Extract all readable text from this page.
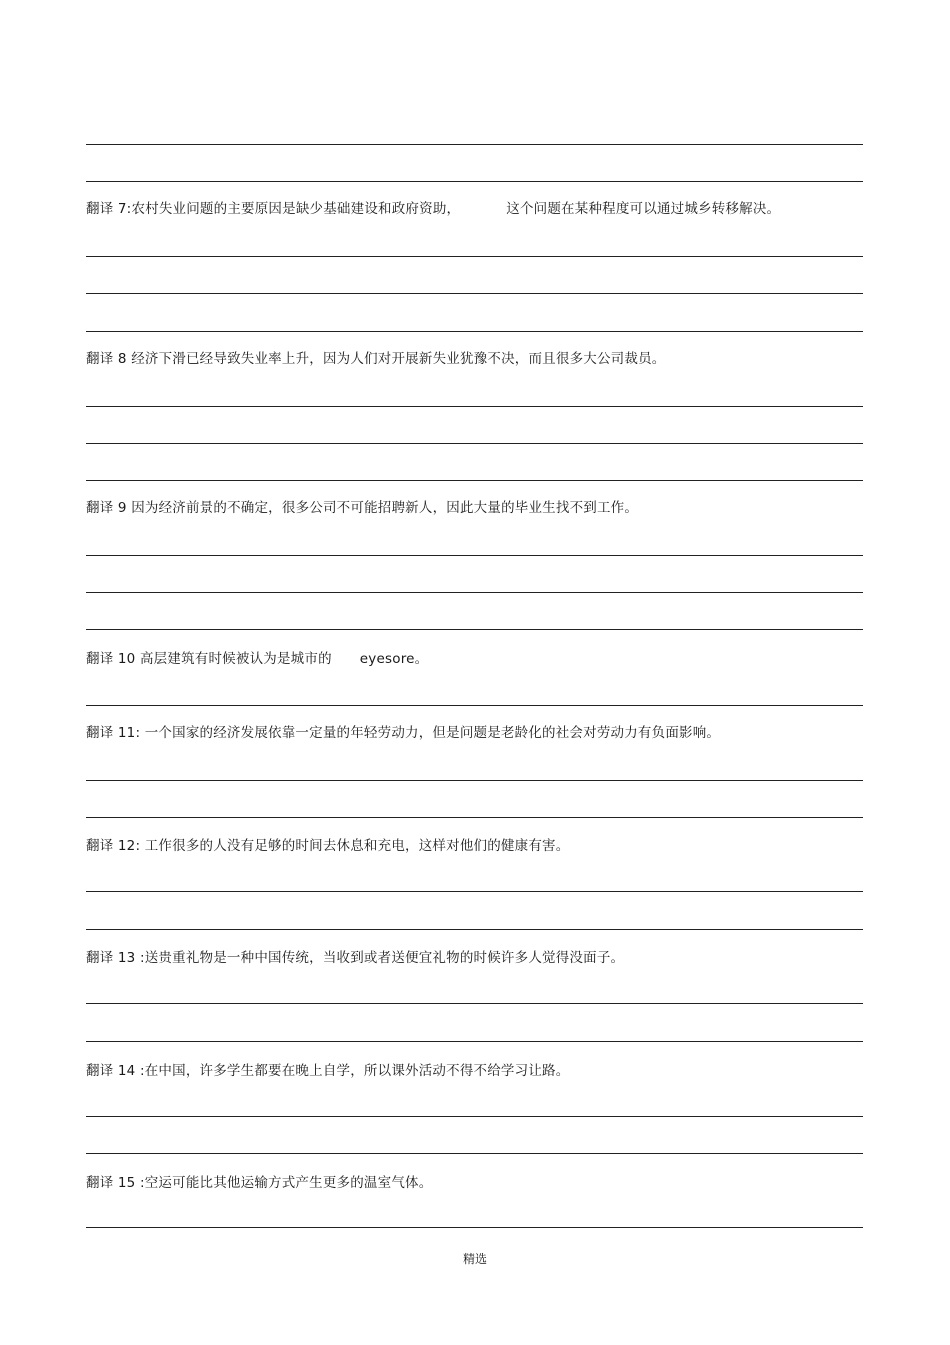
翻译 7:农村失业问题的主要原因是缺少基础建设和政府资助，	这个问题在某种程度可以通过城乡转移解决。
翻译 8 经济下滑已经导致失业率上升，因为人们对开展新失业犹豫不决，而且很多大公司裁员。
翻译 9 因为经济前景的不确定，很多公司不可能招聘新人，因此大量的毕业生找不到工作。
翻译 10 高层建筑有时候被认为是城市的 eyesore。
翻译 11: 一个国家的经济发展依靠一定量的年轻劳动力，但是问题是老龄化的社会对劳动力有负面影响。
翻译 12: 工作很多的人没有足够的时间去休息和充电，这样对他们的健康有害。
翻译 13 :送贵重礼物是一种中国传统，当收到或者送便宜礼物的时候许多人觉得没面子。
翻译 14 :在中国，许多学生都要在晚上自学，所以课外活动不得不给学习让路。
翻译 15 :空运可能比其他运输方式产生更多的温室气体。
精选
